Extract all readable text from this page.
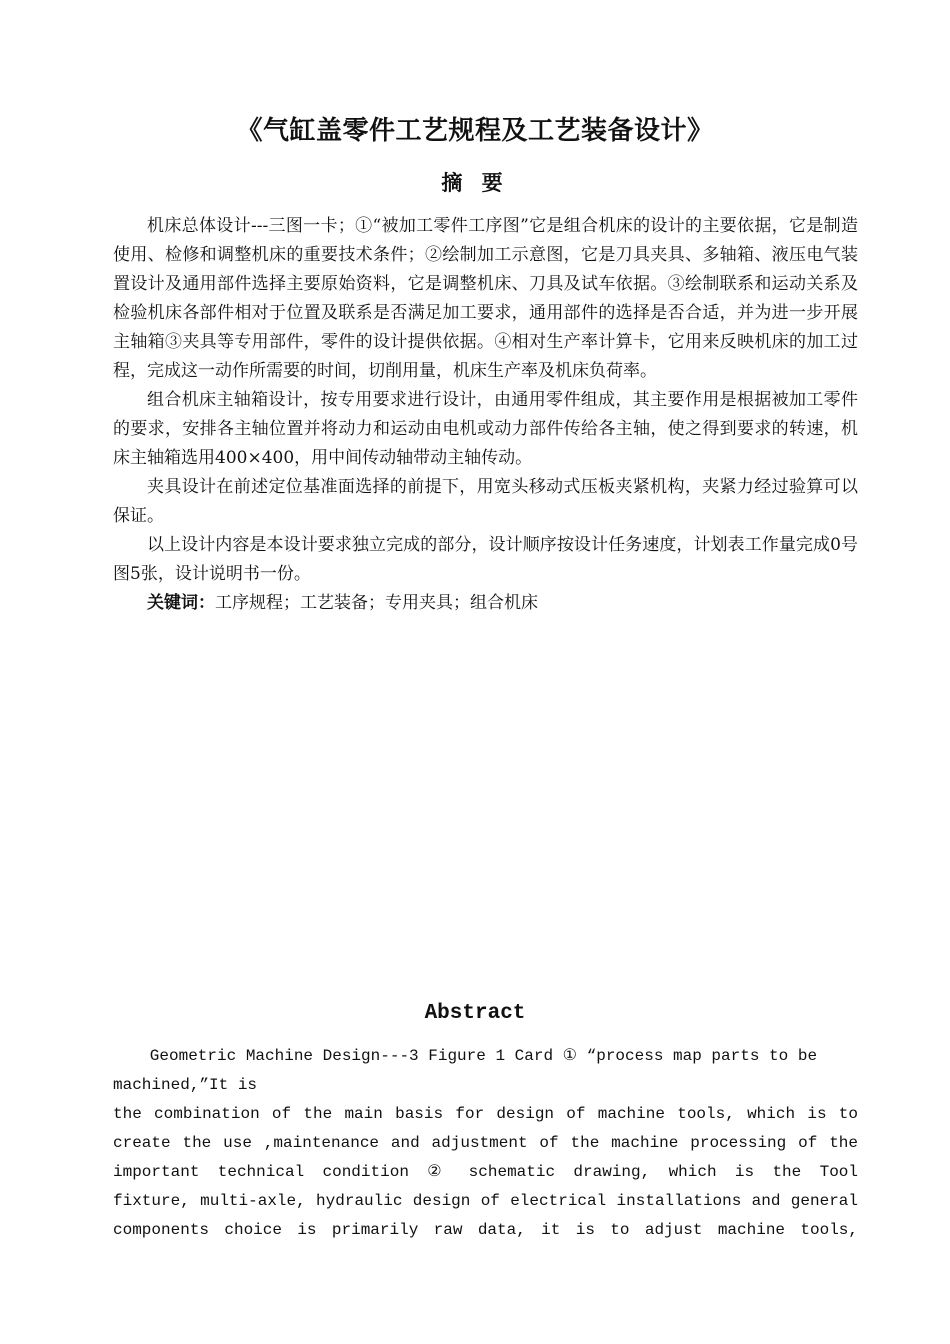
《气缸盖零件工艺规程及工艺装备设计》
摘 要

机床总体设计---三图一卡；①“被加工零件工序图”它是组合机床的设计的主要依据，它是制造使用、检修和调整机床的重要技术条件；②绘制加工示意图，它是刀具夹具、多轴箱、液压电气装置设计及通用部件选择主要原始资料，它是调整机床、刀具及试车依据。③绘制联系和运动关系及检验机床各部件相对于位置及联系是否满足加工要求，通用部件的选择是否合适，并为进一步开展主轴箱③夹具等专用部件，零件的设计提供依据。④相对生产率计算卡，它用来反映机床的加工过程，完成这一动作所需要的时间，切削用量，机床生产率及机床负荷率。

组合机床主轴箱设计，按专用要求进行设计，由通用零件组成，其主要作用是根据被加工零件的要求，安排各主轴位置并将动力和运动由电机或动力部件传给各主轴，使之得到要求的转速，机床主轴箱选用400×400，用中间传动轴带动主轴传动。

夹具设计在前述定位基准面选择的前提下，用宽头移动式压板夹紧机构，夹紧力经过验算可以保证。

以上设计内容是本设计要求独立完成的部分，设计顺序按设计任务速度，计划表工作量完成0号图5张，设计说明书一份。

关键词：工序规程；工艺装备；专用夹具；组合机床

Abstract

Geometric Machine Design---3 Figure 1 Card ① “process map parts to be machined,”It is

the combination of the main basis for design of machine tools, which is to

create the use ,maintenance and adjustment of the machine processing of the

important technical condition ② schematic drawing, which is the Tool

fixture, multi-axle, hydraulic design of electrical installations and general

components choice is primarily raw data, it is to adjust machine tools,
